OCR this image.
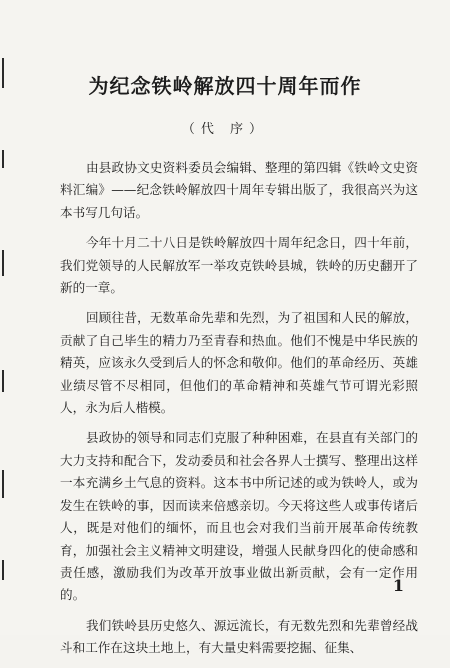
为纪念铁岭解放四十周年而作
（代 序）

由县政协文史资料委员会编辑、整理的第四辑《铁岭文史资料汇编》——纪念铁岭解放四十周年专辑出版了，我很高兴为这本书写几句话。

今年十月二十八日是铁岭解放四十周年纪念日，四十年前，我们党领导的人民解放军一举攻克铁岭县城，铁岭的历史翻开了新的一章。

回顾往昔，无数革命先辈和先烈，为了祖国和人民的解放，贡献了自己毕生的精力乃至青春和热血。他们不愧是中华民族的精英，应该永久受到后人的怀念和敬仰。他们的革命经历、英雄业绩尽管不尽相同，但他们的革命精神和英雄气节可谓光彩照人，永为后人楷模。

县政协的领导和同志们克服了种种困难，在县直有关部门的大力支持和配合下，发动委员和社会各界人士撰写、整理出这样一本充满乡土气息的资料。这本书中所记述的或为铁岭人，或为发生在铁岭的事，因而读来倍感亲切。今天将这些人或事传诸后人，既是对他们的缅怀，而且也会对我们当前开展革命传统教育，加强社会主义精神文明建设，增强人民献身四化的使命感和责任感，激励我们为改革开放事业做出新贡献，会有一定作用的。

我们铁岭县历史悠久、源远流长，有无数先烈和先辈曾经战斗和工作在这块土地上，有大量史料需要挖掘、征集、

1
